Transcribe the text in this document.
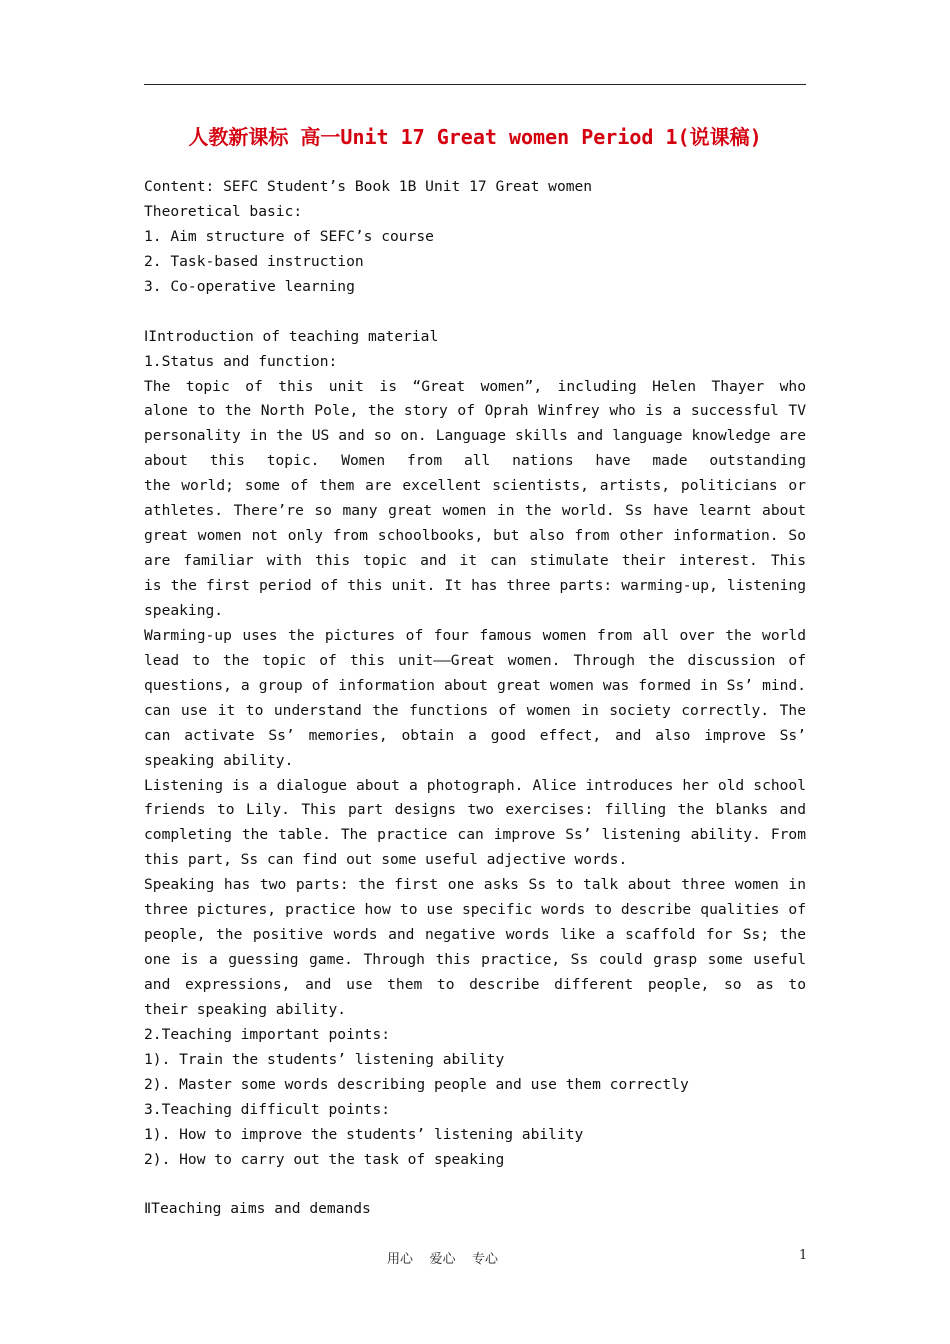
人教新课标 高一Unit 17 Great women Period 1(说课稿)
Content: SEFC Student’s Book 1B Unit 17 Great women
Theoretical basic:
1. Aim structure of SEFC’s course
2. Task-based instruction
3. Co-operative learning
ⅠIntroduction of teaching material
1.Status and function:
The topic of this unit is “Great women”, including Helen Thayer who
alone to the North Pole, the story of Oprah Winfrey who is a successful TV
personality in the US and so on. Language skills and language knowledge are
about this topic. Women from all nations have made outstanding
the world; some of them are excellent scientists, artists, politicians or
athletes. There’re so many great women in the world. Ss have learnt about
great women not only from schoolbooks, but also from other information. So
are familiar with this topic and it can stimulate their interest. This
is the first period of this unit. It has three parts: warming-up, listening
speaking.
Warming-up uses the pictures of four famous women from all over the world
lead to the topic of this unit——Great women. Through the discussion of
questions, a group of information about great women was formed in Ss’ mind.
can use it to understand the functions of women in society correctly. The
can activate Ss’ memories, obtain a good effect, and also improve Ss’
speaking ability.
Listening is a dialogue about a photograph. Alice introduces her old school
friends to Lily. This part designs two exercises: filling the blanks and
completing the table. The practice can improve Ss’ listening ability. From
this part, Ss can find out some useful adjective words.
Speaking has two parts: the first one asks Ss to talk about three women in
three pictures, practice how to use specific words to describe qualities of
people, the positive words and negative words like a scaffold for Ss; the
one is a guessing game. Through this practice, Ss could grasp some useful
and expressions, and use them to describe different people, so as to
their speaking ability.
2.Teaching important points:
1). Train the students’ listening ability
2). Master some words describing people and use them correctly
3.Teaching difficult points:
1). How to improve the students’ listening ability
2). How to carry out the task of speaking
ⅡTeaching aims and demands
用心    爱心    专心	1
